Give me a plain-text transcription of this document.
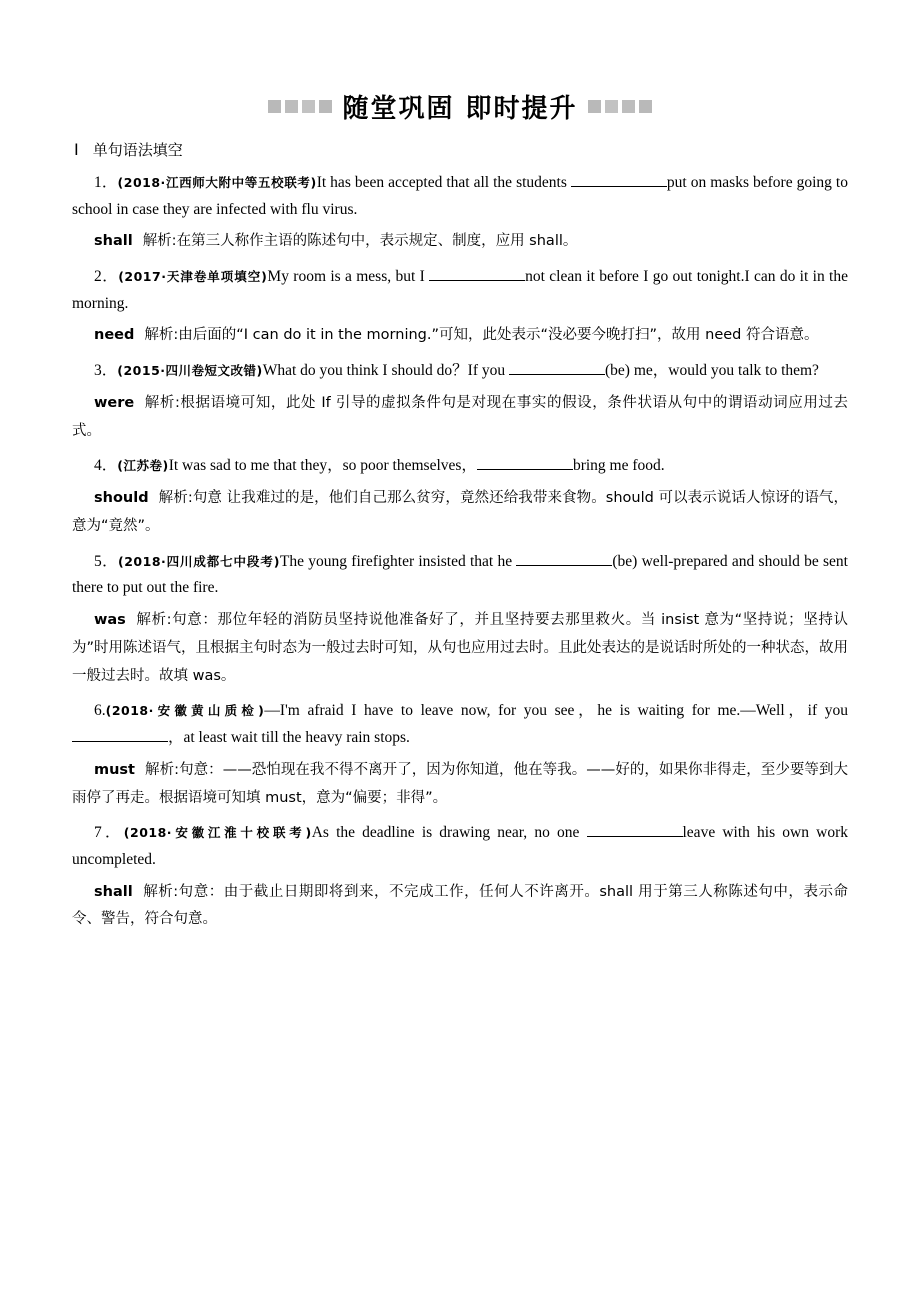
随堂巩固 即时提升
Ⅰ 单句语法填空

1．(2018·江西师大附中等五校联考)It has been accepted that all the students	put on masks before going to school in case they are infected with flu virus.

shall 解析:在第三人称作主语的陈述句中，表示规定、制度，应用 shall。

2．(2017·天津卷单项填空)My room is a mess, but I	not clean it before I go out tonight.I can do it in the morning.

need 解析:由后面的“I can do it in the morning.”可知，此处表示“没必要今晚打扫”，故用 need 符合语意。

3．(2015·四川卷短文改错)What do you think I should do？If you	(be) me，would you talk to them?

were 解析:根据语境可知，此处 If 引导的虚拟条件句是对现在事实的假设，条件状语从句中的谓语动词应用过去式。

4．(江苏卷)It was sad to me that they，so poor themselves，	bring me food.

should 解析:句意 让我难过的是，他们自己那么贫穷，竟然还给我带来食物。should 可以表示说话人惊讶的语气，意为“竟然”。

5．(2018·四川成都七中段考)The young firefighter insisted that he	(be) well-prepared and should be sent there to put out the fire.

was 解析:句意：那位年轻的消防员坚持说他准备好了，并且坚持要去那里救火。当 insist 意为“坚持说；坚持认为”时用陈述语气，且根据主句时态为一般过去时可知，从句也应用过去时。且此处表达的是说话时所处的一种状态，故用一般过去时。故填 was。

6.(2018·安徽黄山质检)—I'm afraid I have to leave now, for you see，he is waiting for me.—Well，if you ，at least wait till the heavy rain stops.

must 解析:句意：——恐怕现在我不得不离开了，因为你知道，他在等我。——好的，如果你非得走，至少要等到大雨停了再走。根据语境可知填 must，意为“偏要；非得”。

7．(2018·安徽江淮十校联考)As the deadline is drawing near, no one	leave with his own work uncompleted.

shall 解析:句意：由于截止日期即将到来，不完成工作，任何人不许离开。shall 用于第三人称陈述句中，表示命令、警告，符合句意。
